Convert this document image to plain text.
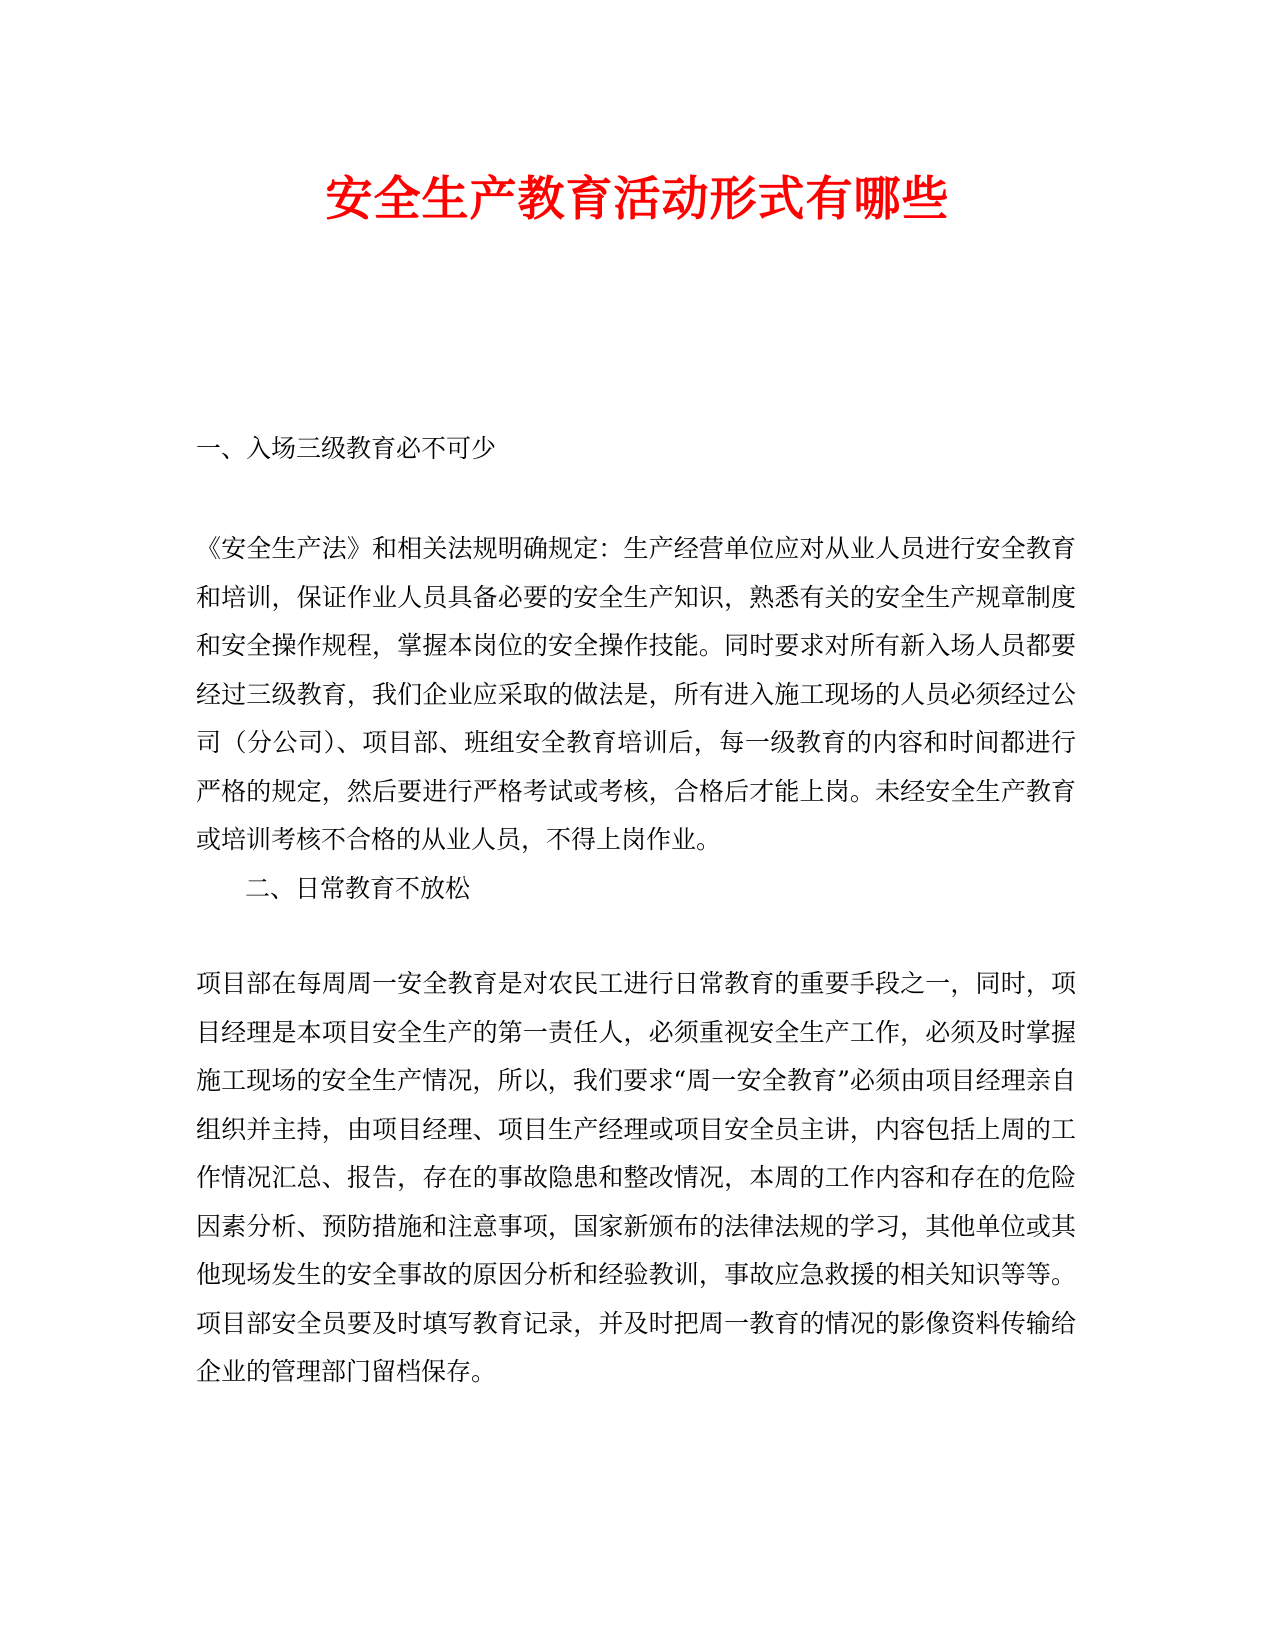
安全生产教育活动形式有哪些

一、入场三级教育必不可少

《安全生产法》和相关法规明确规定：生产经营单位应对从业人员进行安全教育和培训，保证作业人员具备必要的安全生产知识，熟悉有关的安全生产规章制度和安全操作规程，掌握本岗位的安全操作技能。同时要求对所有新入场人员都要经过三级教育，我们企业应采取的做法是，所有进入施工现场的人员必须经过公司（分公司）、项目部、班组安全教育培训后，每一级教育的内容和时间都进行严格的规定，然后要进行严格考试或考核，合格后才能上岗。未经安全生产教育或培训考核不合格的从业人员，不得上岗作业。

二、日常教育不放松

项目部在每周周一安全教育是对农民工进行日常教育的重要手段之一，同时，项目经理是本项目安全生产的第一责任人，必须重视安全生产工作，必须及时掌握施工现场的安全生产情况，所以，我们要求“周一安全教育”必须由项目经理亲自组织并主持，由项目经理、项目生产经理或项目安全员主讲，内容包括上周的工作情况汇总、报告，存在的事故隐患和整改情况，本周的工作内容和存在的危险因素分析、预防措施和注意事项，国家新颁布的法律法规的学习，其他单位或其他现场发生的安全事故的原因分析和经验教训，事故应急救援的相关知识等等。项目部安全员要及时填写教育记录，并及时把周一教育的情况的影像资料传输给企业的管理部门留档保存。
